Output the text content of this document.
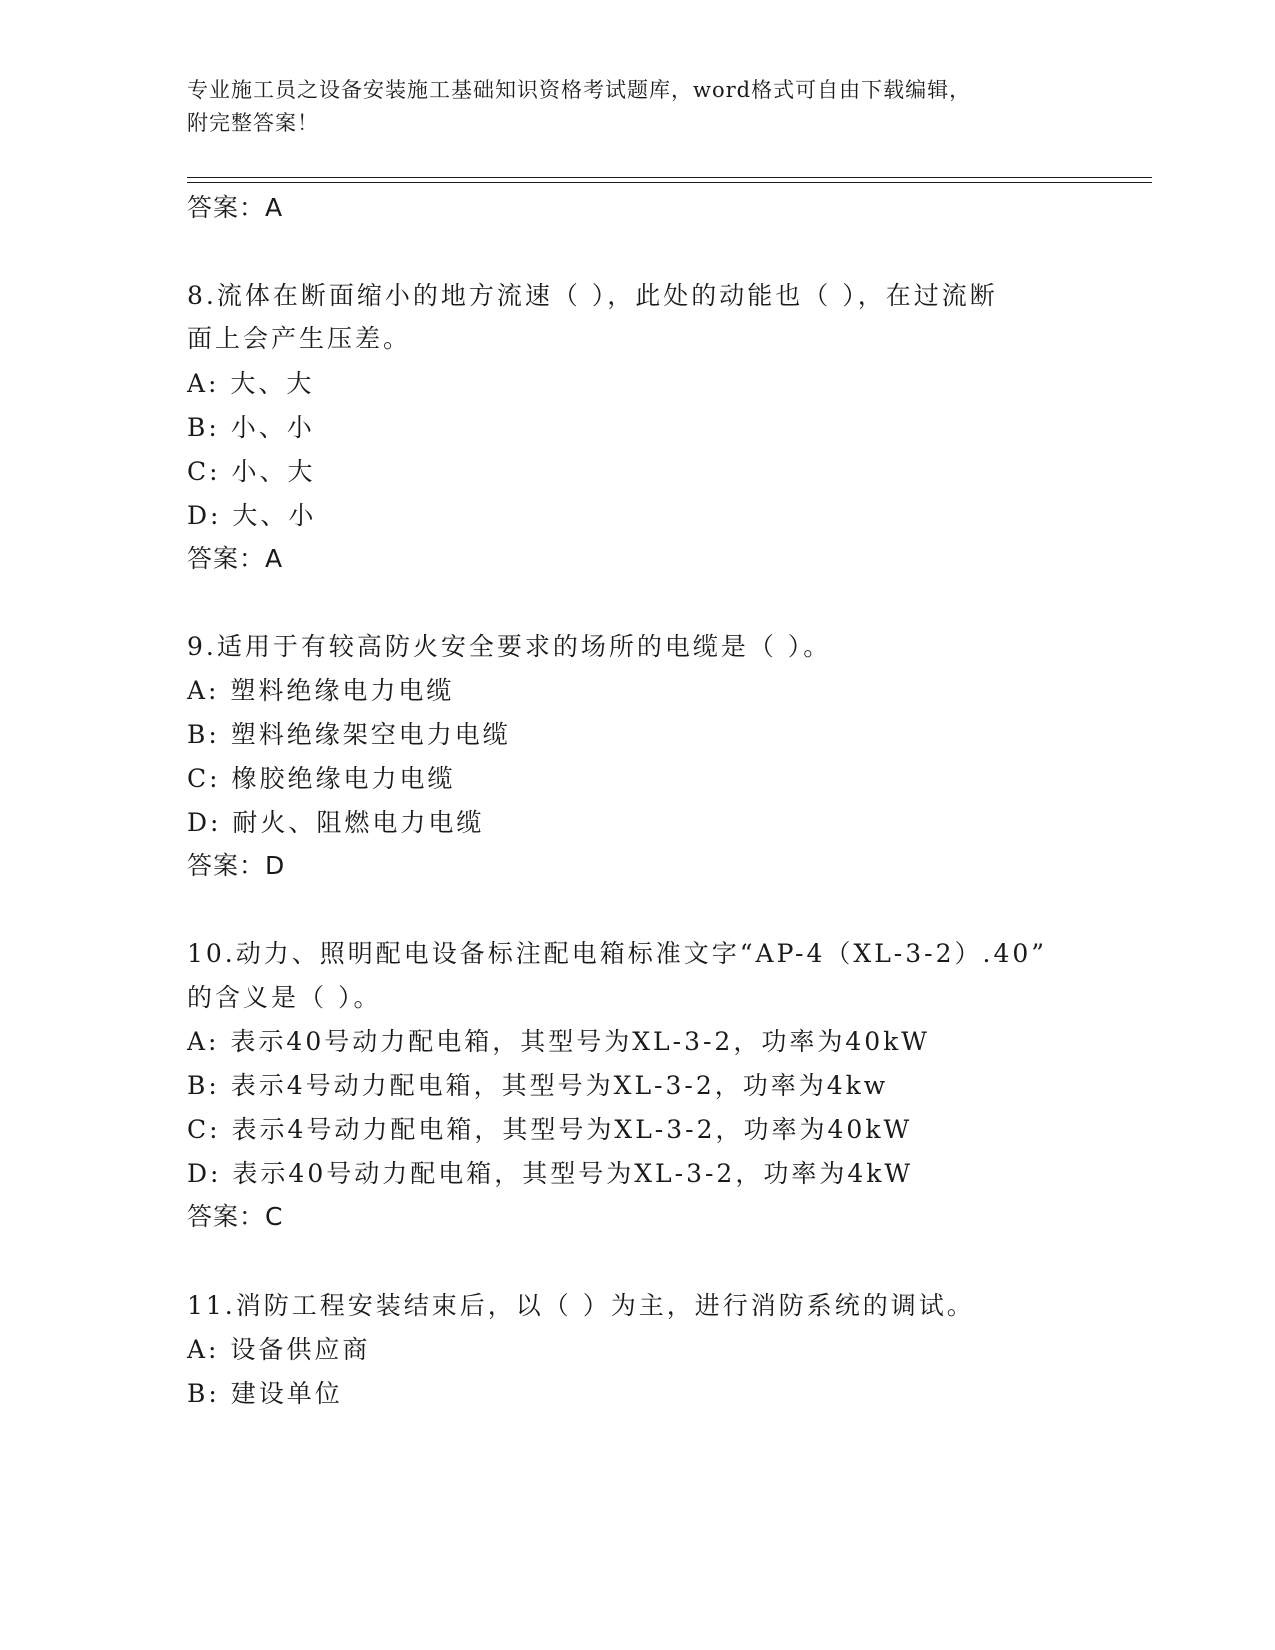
专业施工员之设备安装施工基础知识资格考试题库，word格式可自由下载编辑，
附完整答案！
答案：A
8.流体在断面缩小的地方流速（ ），此处的动能也（ ），在过流断
面上会产生压差。
A: 大、大
B: 小、小
C: 小、大
D: 大、小
答案：A
9.适用于有较高防火安全要求的场所的电缆是（ ）。
A: 塑料绝缘电力电缆
B: 塑料绝缘架空电力电缆
C: 橡胶绝缘电力电缆
D: 耐火、阻燃电力电缆
答案：D
10.动力、照明配电设备标注配电箱标准文字“AP-4（XL-3-2）.40”
的含义是（ ）。
A: 表示40号动力配电箱，其型号为XL-3-2，功率为40kW
B: 表示4号动力配电箱，其型号为XL-3-2，功率为4kw
C: 表示4号动力配电箱，其型号为XL-3-2，功率为40kW
D: 表示40号动力配电箱，其型号为XL-3-2，功率为4kW
答案：C
11.消防工程安装结束后，以（ ）为主，进行消防系统的调试。
A: 设备供应商
B: 建设单位
